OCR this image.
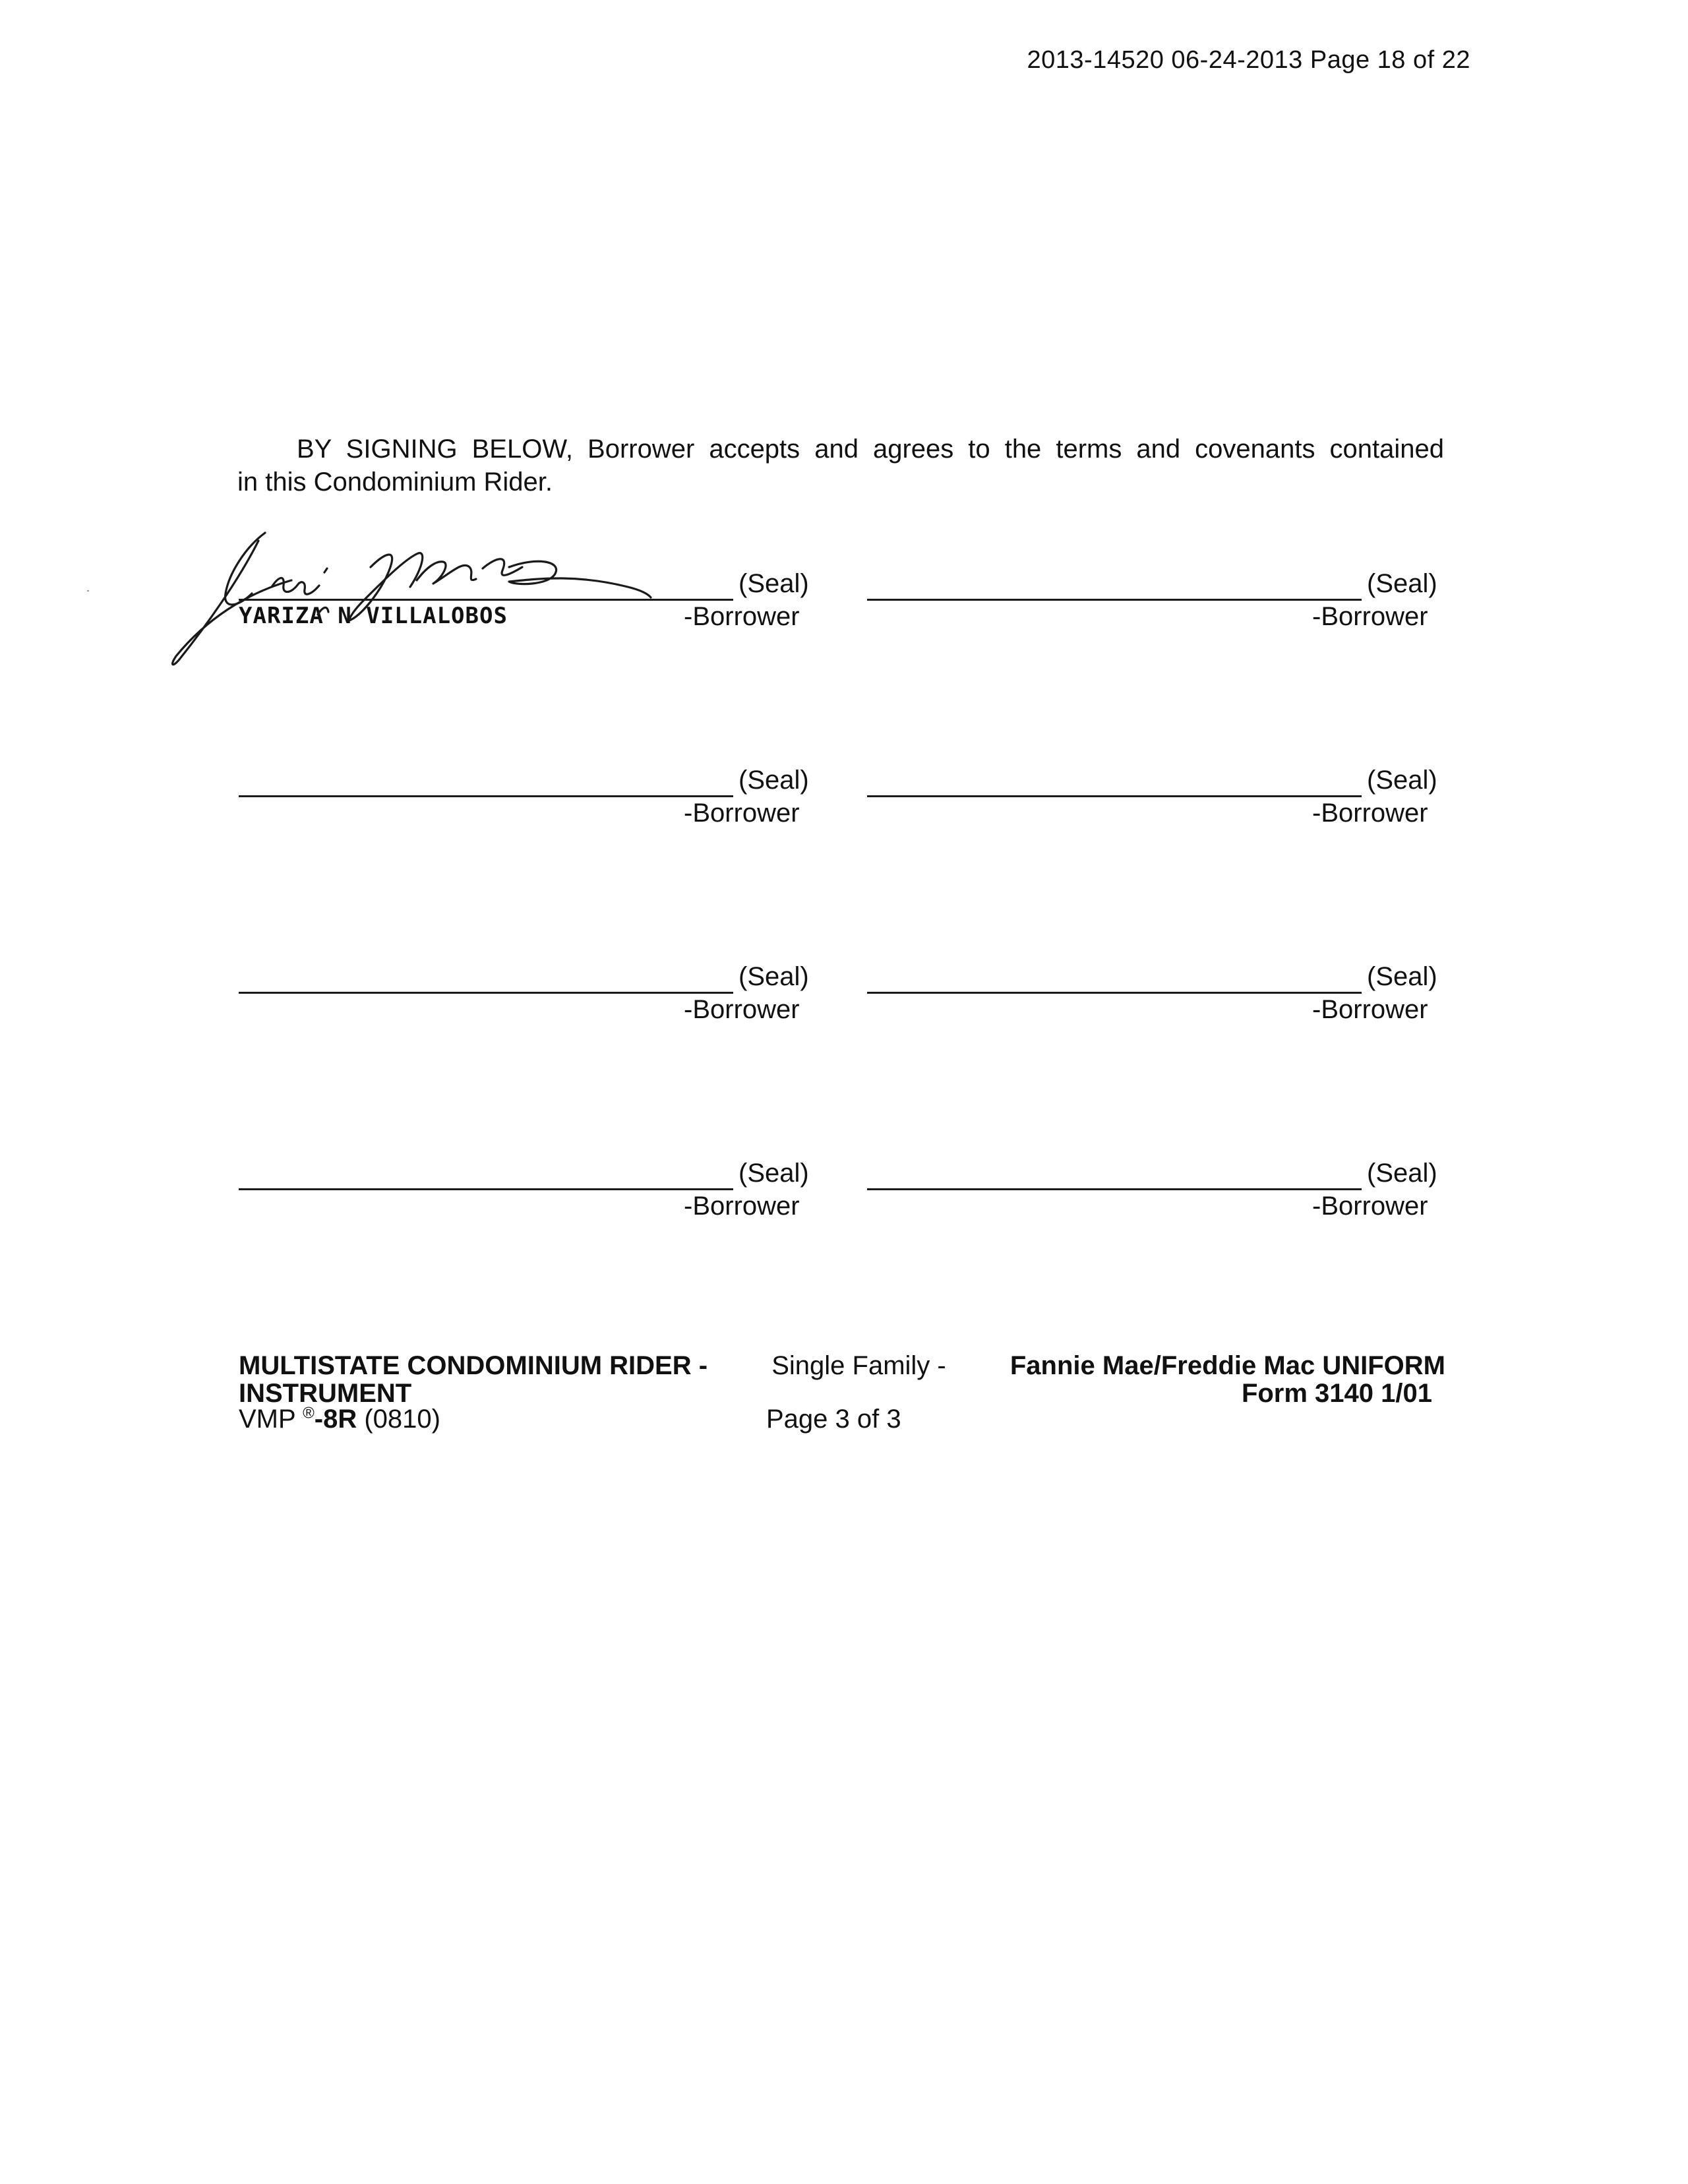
2013-14520 06-24-2013 Page 18 of 22
BY SIGNING BELOW, Borrower accepts and agrees to the terms and covenants contained
in this Condominium Rider.
(Seal)
-Borrower
YARIZA N VILLALOBOS
(Seal)
-Borrower
(Seal)
-Borrower
(Seal)
-Borrower
(Seal)
-Borrower
(Seal)
-Borrower
(Seal)
-Borrower
(Seal)
-Borrower
MULTISTATE CONDOMINIUM RIDER - Single Family - Fannie Mae/Freddie Mac UNIFORM
INSTRUMENT	Form 3140 1/01
VMP ®-8R (0810)	Page 3 of 3
